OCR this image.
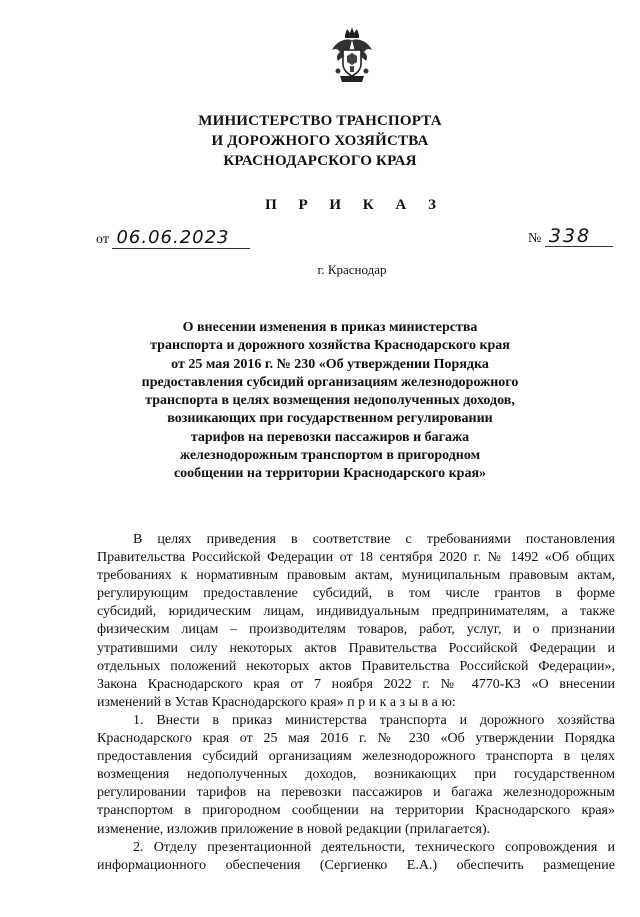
МИНИСТЕРСТВО ТРАНСПОРТА
И ДОРОЖНОГО ХОЗЯЙСТВА
КРАСНОДАРСКОГО КРАЯ
П Р И К А З
от 06.06.2023	№ 338
г. Краснодар
О внесении изменения в приказ министерства
транспорта и дорожного хозяйства Краснодарского края
от 25 мая 2016 г. № 230 «Об утверждении Порядка
предоставления субсидий организациям железнодорожного
транспорта в целях возмещения недополученных доходов,
возникающих при государственном регулировании
тарифов на перевозки пассажиров и багажа
железнодорожным транспортом в пригородном
сообщении на территории Краснодарского края»
В целях приведения в соответствие с требованиями постановления
Правительства Российской Федерации от 18 сентября 2020 г. № 1492 «Об общих
требованиях к нормативным правовым актам, муниципальным правовым актам,
регулирующим предоставление субсидий, в том числе грантов в форме
субсидий, юридическим лицам, индивидуальным предпринимателям, а также
физическим лицам – производителям товаров, работ, услуг, и о признании
утратившими силу некоторых актов Правительства Российской Федерации и
отдельных положений некоторых актов Правительства Российской Федерации»,
Закона Краснодарского края от 7 ноября 2022 г. № 4770-КЗ «О внесении
изменений в Устав Краснодарского края» п р и к а з ы в а ю:
1. Внести в приказ министерства транспорта и дорожного хозяйства
Краснодарского края от 25 мая 2016 г. № 230 «Об утверждении Порядка
предоставления субсидий организациям железнодорожного транспорта в целях
возмещения недополученных доходов, возникающих при государственном
регулировании тарифов на перевозки пассажиров и багажа железнодорожным
транспортом в пригородном сообщении на территории Краснодарского края»
изменение, изложив приложение в новой редакции (прилагается).
2. Отделу презентационной деятельности, технического сопровождения и
информационного обеспечения (Сергиенко Е.А.) обеспечить размещение
